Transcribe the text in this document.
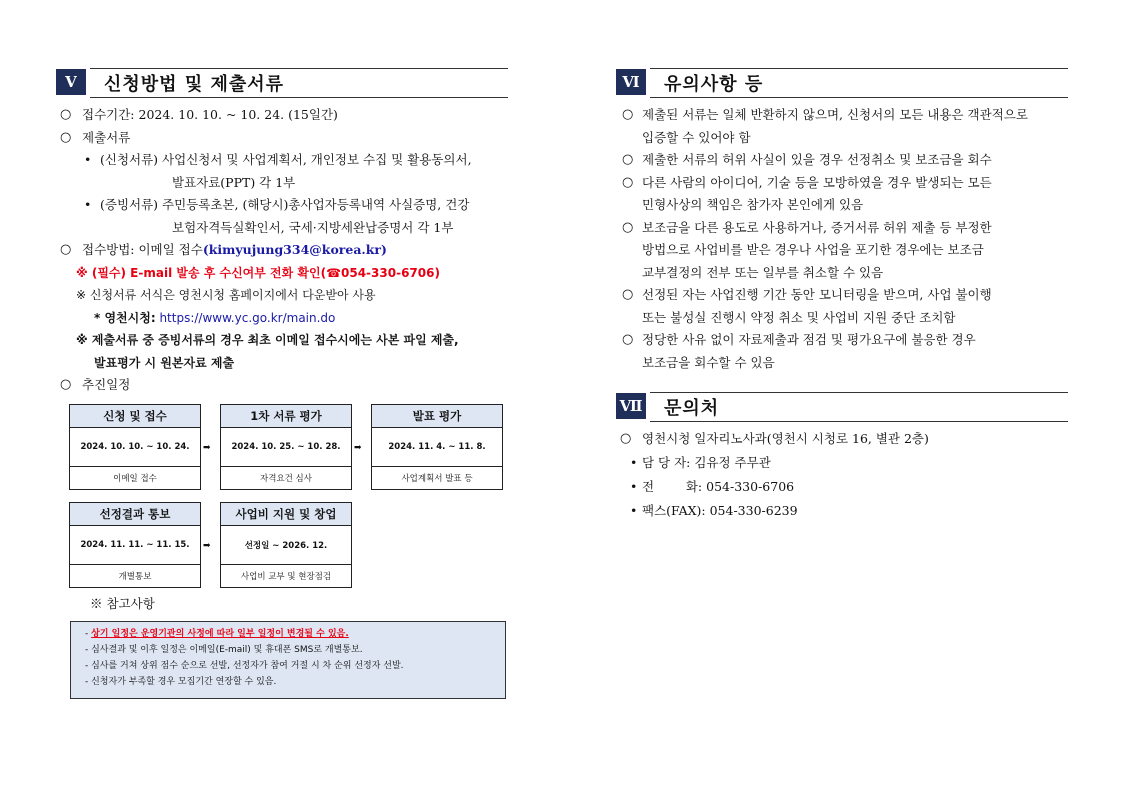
Ⅴ	신청방법 및 제출서류
○ 접수기간: 2024. 10. 10. ~ 10. 24. (15일간)
○ 제출서류
• (신청서류) 사업신청서 및 사업계획서, 개인정보 수집 및 활용동의서,
발표자료(PPT) 각 1부
• (증빙서류) 주민등록초본, (해당시)총사업자등록내역 사실증명, 건강
보험자격득실확인서, 국세·지방세완납증명서 각 1부
○ 접수방법: 이메일 접수(kimyujung334@korea.kr)
※ (필수) E-mail 발송 후 수신여부 전화 확인(☎054-330-6706)
※ 신청서류 서식은 영천시청 홈페이지에서 다운받아 사용
* 영천시청: https://www.yc.go.kr/main.do
※ 제출서류 중 증빙서류의 경우 최초 이메일 접수시에는 사본 파일 제출,
발표평가 시 원본자료 제출
○ 추진일정
신청 및 접수
2024. 10. 10. ~ 10. 24.
이메일 접수
➡
1차 서류 평가
2024. 10. 25. ~ 10. 28.
자격요건 심사
➡
발표 평가
2024. 11. 4. ~ 11. 8.
사업계획서 발표 등
선정결과 통보
2024. 11. 11. ~ 11. 15.
개별통보
➡
사업비 지원 및 창업
선정일 ~ 2026. 12.
사업비 교부 및 현장점검
※ 참고사항
- 상기 일정은 운영기관의 사정에 따라 일부 일정이 변경될 수 있음.
- 심사결과 및 이후 일정은 이메일(E-mail) 및 휴대폰 SMS로 개별통보.
- 심사를 거쳐 상위 점수 순으로 선발, 선정자가 참여 거절 시 차 순위 선정자 선발.
- 신청자가 부족할 경우 모집기간 연장할 수 있음.
Ⅵ	유의사항 등
○ 제출된 서류는 일체 반환하지 않으며, 신청서의 모든 내용은 객관적으로
입증할 수 있어야 함
○ 제출한 서류의 허위 사실이 있을 경우 선정취소 및 보조금을 회수
○ 다른 사람의 아이디어, 기술 등을 모방하였을 경우 발생되는 모든
민형사상의 책임은 참가자 본인에게 있음
○ 보조금을 다른 용도로 사용하거나, 증거서류 허위 제출 등 부정한
방법으로 사업비를 받은 경우나 사업을 포기한 경우에는 보조금
교부결정의 전부 또는 일부를 취소할 수 있음
○ 선정된 자는 사업진행 기간 동안 모니터링을 받으며, 사업 불이행
또는 불성실 진행시 약정 취소 및 사업비 지원 중단 조치함
○ 정당한 사유 없이 자료제출과 점검 및 평가요구에 불응한 경우
보조금을 회수할 수 있음
Ⅶ 문의처
○ 영천시청 일자리노사과(영천시 시청로 16, 별관 2층)
• 담 당 자: 김유정 주무관
• 전        화: 054-330-6706
• 팩스(FAX): 054-330-6239
